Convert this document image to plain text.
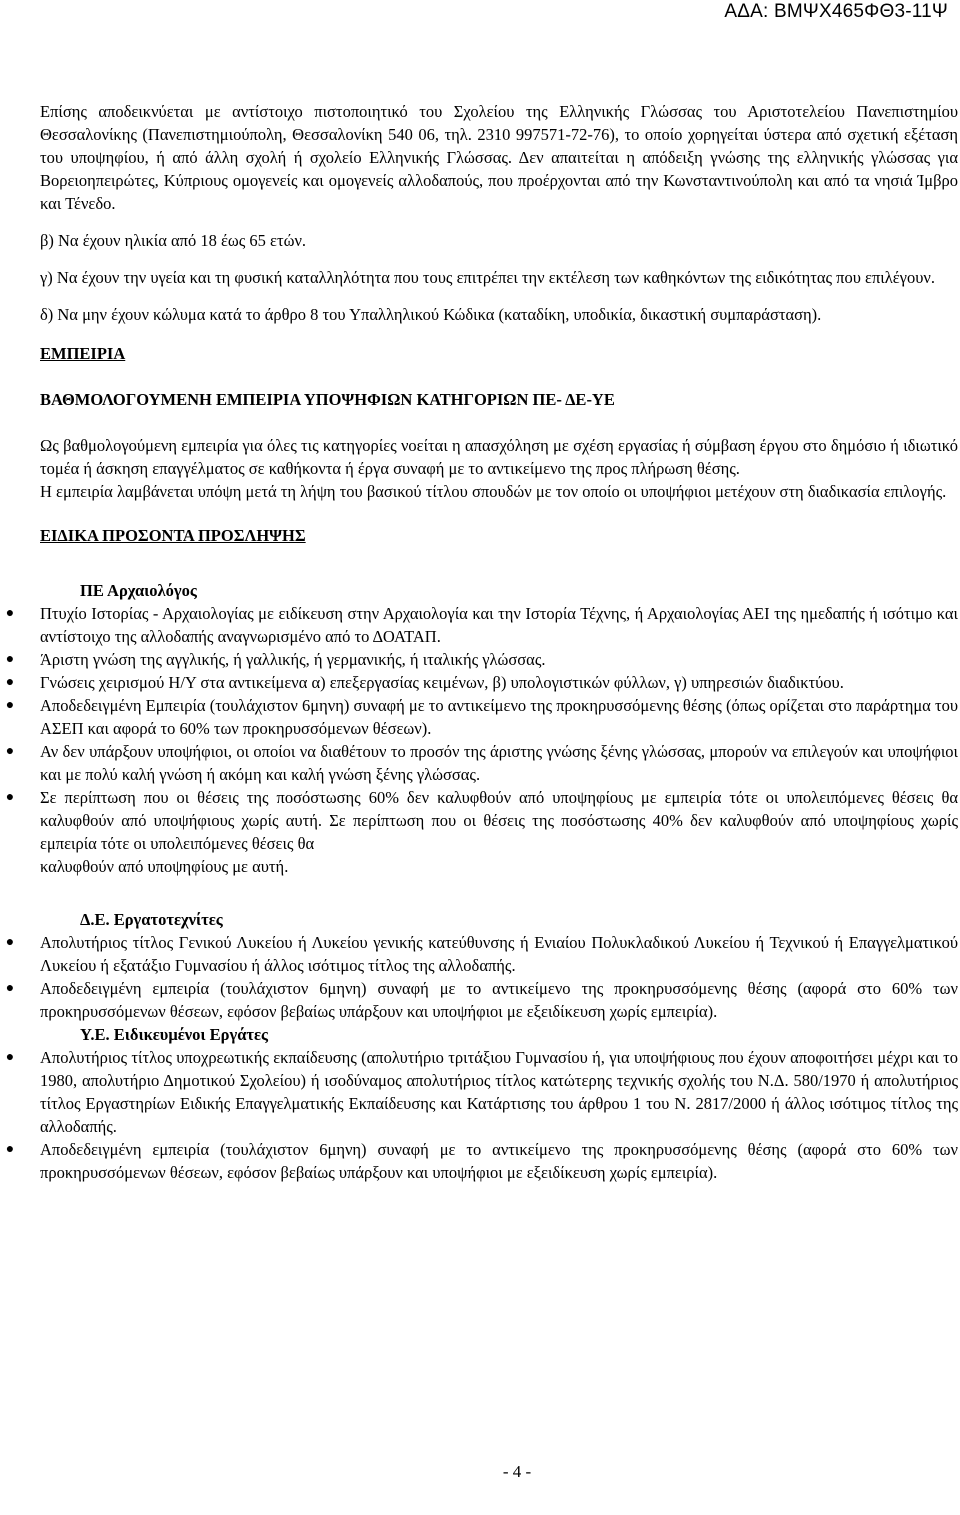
ΑΔΑ: ΒΜΨΧ465ΦΘ3-11Ψ

Επίσης αποδεικνύεται με αντίστοιχο πιστοποιητικό του Σχολείου της Ελληνικής Γλώσσας του Αριστοτελείου Πανεπιστημίου Θεσσαλονίκης (Πανεπιστημιούπολη, Θεσσαλονίκη 540 06, τηλ. 2310 997571-72-76), το οποίο χορηγείται ύστερα από σχετική εξέταση του υποψηφίου, ή από άλλη σχολή ή σχολείο Ελληνικής Γλώσσας. Δεν απαιτείται η απόδειξη γνώσης της ελληνικής γλώσσας για Βορειοηπειρώτες, Κύπριους ομογενείς και ομογενείς αλλοδαπούς, που προέρχονται από την Κωνσταντινούπολη και από τα νησιά Ίμβρο και Τένεδο.

β) Να έχουν ηλικία από 18 έως 65 ετών.

γ) Να έχουν την υγεία και τη φυσική καταλληλότητα που τους επιτρέπει την εκτέλεση των καθηκόντων της ειδικότητας που επιλέγουν.

δ) Να μην έχουν κώλυμα κατά το άρθρο 8 του Υπαλληλικού Κώδικα (καταδίκη, υποδικία, δικαστική συμπαράσταση).

ΕΜΠΕΙΡΙΑ

ΒΑΘΜΟΛΟΓΟΥΜΕΝΗ ΕΜΠΕΙΡΙΑ ΥΠΟΨΗΦΙΩΝ ΚΑΤΗΓΟΡΙΩΝ ΠΕ- ΔΕ-ΥΕ

Ως βαθμολογούμενη εμπειρία για όλες τις κατηγορίες νοείται η απασχόληση με σχέση εργασίας ή σύμβαση έργου στο δημόσιο ή ιδιωτικό τομέα ή άσκηση επαγγέλματος σε καθήκοντα ή έργα συναφή με το αντικείμενο της προς πλήρωση θέσης.

Η εμπειρία λαμβάνεται υπόψη μετά τη λήψη του βασικού τίτλου σπουδών με τον οποίο οι υποψήφιοι μετέχουν στη διαδικασία επιλογής.

ΕΙΔΙΚΑ ΠΡΟΣΟΝΤΑ ΠΡΟΣΛΗΨΗΣ

ΠΕ Αρχαιολόγος

●	Πτυχίο Ιστορίας - Αρχαιολογίας με ειδίκευση στην Αρχαιολογία και την Ιστορία Τέχνης, ή Αρχαιολογίας ΑΕΙ της ημεδαπής ή ισότιμο και αντίστοιχο της αλλοδαπής αναγνωρισμένο από το ΔΟΑΤΑΠ.
●	Άριστη γνώση της αγγλικής, ή γαλλικής, ή γερμανικής, ή ιταλικής γλώσσας.
●	Γνώσεις χειρισμού Η/Υ στα αντικείμενα α) επεξεργασίας κειμένων, β) υπολογιστικών φύλλων, γ) υπηρεσιών διαδικτύου.
●	Αποδεδειγμένη Εμπειρία (τουλάχιστον 6μηνη) συναφή με το αντικείμενο της προκηρυσσόμενης θέσης (όπως ορίζεται στο παράρτημα του ΑΣΕΠ και αφορά το 60% των προκηρυσσόμενων θέσεων).
●	Αν δεν υπάρξουν υποψήφιοι, οι οποίοι να διαθέτουν το προσόν της άριστης γνώσης ξένης γλώσσας, μπορούν να επιλεγούν και υποψήφιοι και με πολύ καλή γνώση ή ακόμη και καλή γνώση ξένης γλώσσας.
●	Σε περίπτωση που οι θέσεις της ποσόστωσης 60% δεν καλυφθούν από υποψηφίους με εμπειρία τότε οι υπολειπόμενες θέσεις θα καλυφθούν από υποψήφιους χωρίς αυτή. Σε περίπτωση που οι θέσεις της ποσόστωσης 40% δεν καλυφθούν από υποψηφίους χωρίς εμπειρία τότε οι υπολειπόμενες θέσεις θα

καλυφθούν από υποψηφίους με αυτή.

Δ.Ε. Εργατοτεχνίτες

●	Απολυτήριος τίτλος Γενικού Λυκείου ή Λυκείου γενικής κατεύθυνσης ή Ενιαίου Πολυκλαδικού Λυκείου ή Τεχνικού ή Επαγγελματικού Λυκείου ή εξατάξιο Γυμνασίου ή άλλος ισότιμος τίτλος της αλλοδαπής.
●	Αποδεδειγμένη εμπειρία (τουλάχιστον 6μηνη) συναφή με το αντικείμενο της προκηρυσσόμενης θέσης (αφορά στο 60% των προκηρυσσόμενων θέσεων, εφόσον βεβαίως υπάρξουν και υποψήφιοι με εξειδίκευση χωρίς εμπειρία).

Υ.Ε. Ειδικευμένοι Εργάτες

●	Απολυτήριος τίτλος υποχρεωτικής εκπαίδευσης (απολυτήριο τριτάξιου Γυμνασίου ή, για υποψήφιους που έχουν αποφοιτήσει μέχρι και το 1980, απολυτήριο Δημοτικού Σχολείου) ή ισοδύναμος απολυτήριος τίτλος κατώτερης τεχνικής σχολής του Ν.Δ. 580/1970 ή απολυτήριος τίτλος Εργαστηρίων Ειδικής Επαγγελματικής Εκπαίδευσης και Κατάρτισης του άρθρου 1 του Ν. 2817/2000 ή άλλος ισότιμος τίτλος της αλλοδαπής.
●	Αποδεδειγμένη εμπειρία (τουλάχιστον 6μηνη) συναφή με το αντικείμενο της προκηρυσσόμενης θέσης (αφορά στο 60% των προκηρυσσόμενων θέσεων, εφόσον βεβαίως υπάρξουν και υποψήφιοι με εξειδίκευση χωρίς εμπειρία).
- 4 -
